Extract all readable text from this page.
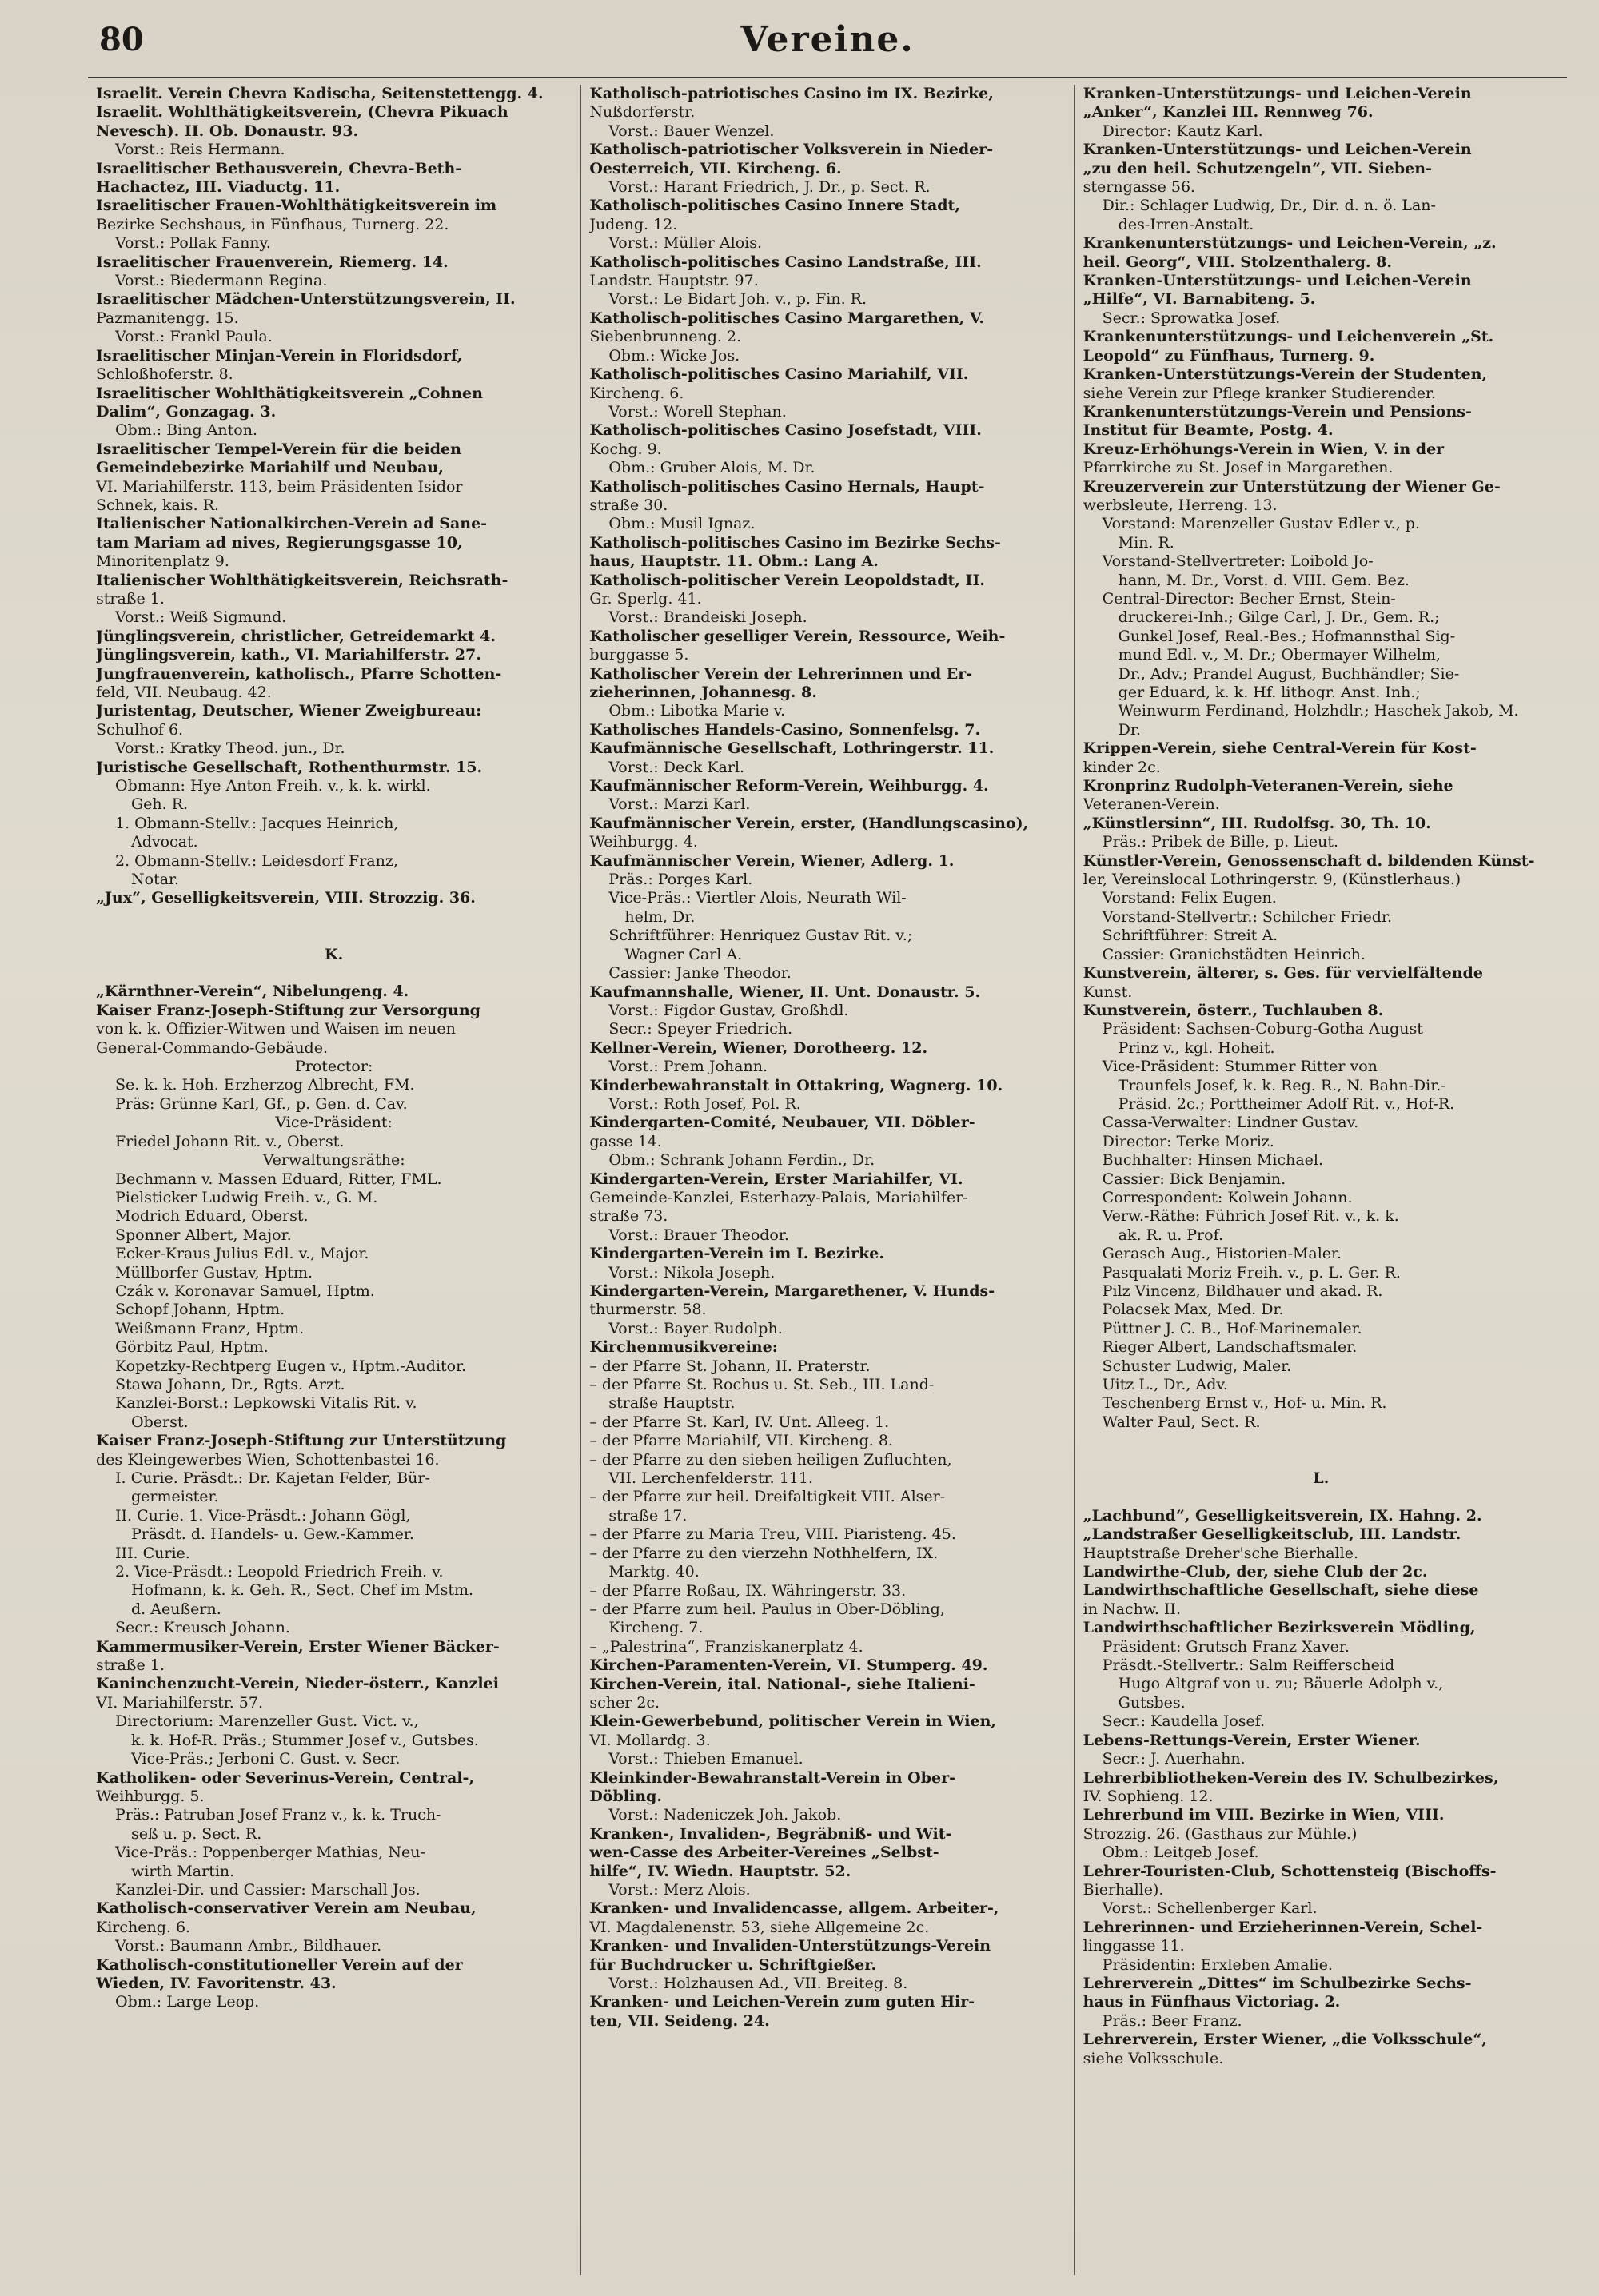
80	Vereine.
Israelit. Verein Chevra Kadischa, Seitenstettengg. 4.
Israelit. Wohlthätigkeitsverein, (Chevra Pikuach
Nevesch). II. Ob. Donaustr. 93.
Vorst.: Reis Hermann.
Israelitischer Bethausverein, Chevra-Beth-
Hachactez, III. Viaductg. 11.
Israelitischer Frauen-Wohlthätigkeitsverein im
Bezirke Sechshaus, in Fünfhaus, Turnerg. 22.
Vorst.: Pollak Fanny.
Israelitischer Frauenverein, Riemerg. 14.
Vorst.: Biedermann Regina.
Israelitischer Mädchen-Unterstützungsverein, II.
Pazmanitengg. 15.
Vorst.: Frankl Paula.
Israelitischer Minjan-Verein in Floridsdorf,
Schloßhoferstr. 8.
Israelitischer Wohlthätigkeitsverein „Cohnen
Dalim“, Gonzagag. 3.
Obm.: Bing Anton.
Israelitischer Tempel-Verein für die beiden
Gemeindebezirke Mariahilf und Neubau,
VI. Mariahilferstr. 113, beim Präsidenten Isidor
Schnek, kais. R.
Italienischer Nationalkirchen-Verein ad Sane-
tam Mariam ad nives, Regierungsgasse 10,
Minoritenplatz 9.
Italienischer Wohlthätigkeitsverein, Reichsrath-
straße 1.
Vorst.: Weiß Sigmund.
Jünglingsverein, christlicher, Getreidemarkt 4.
Jünglingsverein, kath., VI. Mariahilferstr. 27.
Jungfrauenverein, katholisch., Pfarre Schotten-
feld, VII. Neubaug. 42.
Juristentag, Deutscher, Wiener Zweigbureau:
Schulhof 6.
Vorst.: Kratky Theod. jun., Dr.
Juristische Gesellschaft, Rothenthurmstr. 15.
Obmann: Hye Anton Freih. v., k. k. wirkl.
Geh. R.
1. Obmann-Stellv.: Jacques Heinrich,
Advocat.
2. Obmann-Stellv.: Leidesdorf Franz,
Notar.
„Jux“, Geselligkeitsverein, VIII. Strozzig. 36.
K.
„Kärnthner-Verein“, Nibelungeng. 4.
Kaiser Franz-Joseph-Stiftung zur Versorgung
von k. k. Offizier-Witwen und Waisen im neuen
General-Commando-Gebäude.
Protector:
Se. k. k. Hoh. Erzherzog Albrecht, FM.
Präs: Grünne Karl, Gf., p. Gen. d. Cav.
Vice-Präsident:
Friedel Johann Rit. v., Oberst.
Verwaltungsräthe:
Bechmann v. Massen Eduard, Ritter, FML.
Pielsticker Ludwig Freih. v., G. M.
Modrich Eduard, Oberst.
Sponner Albert, Major.
Ecker-Kraus Julius Edl. v., Major.
Müllborfer Gustav, Hptm.
Czák v. Koronavar Samuel, Hptm.
Schopf Johann, Hptm.
Weißmann Franz, Hptm.
Görbitz Paul, Hptm.
Kopetzky-Rechtperg Eugen v., Hptm.-Auditor.
Stawa Johann, Dr., Rgts. Arzt.
Kanzlei-Borst.: Lepkowski Vitalis Rit. v.
Oberst.
Kaiser Franz-Joseph-Stiftung zur Unterstützung
des Kleingewerbes Wien, Schottenbastei 16.
I. Curie. Präsdt.: Dr. Kajetan Felder, Bür-
germeister.
II. Curie. 1. Vice-Präsdt.: Johann Gögl,
Präsdt. d. Handels- u. Gew.-Kammer.
III. Curie.
2. Vice-Präsdt.: Leopold Friedrich Freih. v.
Hofmann, k. k. Geh. R., Sect. Chef im Mstm.
d. Aeußern.
Secr.: Kreusch Johann.
Kammermusiker-Verein, Erster Wiener Bäcker-
straße 1.
Kaninchenzucht-Verein, Nieder-österr., Kanzlei
VI. Mariahilferstr. 57.
Directorium: Marenzeller Gust. Vict. v.,
k. k. Hof-R. Präs.; Stummer Josef v., Gutsbes.
Vice-Präs.; Jerboni C. Gust. v. Secr.
Katholiken- oder Severinus-Verein, Central-,
Weihburgg. 5.
Präs.: Patruban Josef Franz v., k. k. Truch-
seß u. p. Sect. R.
Vice-Präs.: Poppenberger Mathias, Neu-
wirth Martin.
Kanzlei-Dir. und Cassier: Marschall Jos.
Katholisch-conservativer Verein am Neubau,
Kircheng. 6.
Vorst.: Baumann Ambr., Bildhauer.
Katholisch-constitutioneller Verein auf der
Wieden, IV. Favoritenstr. 43.
Obm.: Large Leop.
Katholisch-patriotisches Casino im IX. Bezirke,
Nußdorferstr.
Vorst.: Bauer Wenzel.
Katholisch-patriotischer Volksverein in Nieder-
Oesterreich, VII. Kircheng. 6.
Vorst.: Harant Friedrich, J. Dr., p. Sect. R.
Katholisch-politisches Casino Innere Stadt,
Judeng. 12.
Vorst.: Müller Alois.
Katholisch-politisches Casino Landstraße, III.
Landstr. Hauptstr. 97.
Vorst.: Le Bidart Joh. v., p. Fin. R.
Katholisch-politisches Casino Margarethen, V.
Siebenbrunneng. 2.
Obm.: Wicke Jos.
Katholisch-politisches Casino Mariahilf, VII.
Kircheng. 6.
Vorst.: Worell Stephan.
Katholisch-politisches Casino Josefstadt, VIII.
Kochg. 9.
Obm.: Gruber Alois, M. Dr.
Katholisch-politisches Casino Hernals, Haupt-
straße 30.
Obm.: Musil Ignaz.
Katholisch-politisches Casino im Bezirke Sechs-
haus, Hauptstr. 11. Obm.: Lang A.
Katholisch-politischer Verein Leopoldstadt, II.
Gr. Sperlg. 41.
Vorst.: Brandeiski Joseph.
Katholischer geselliger Verein, Ressource, Weih-
burggasse 5.
Katholischer Verein der Lehrerinnen und Er-
zieherinnen, Johannesg. 8.
Obm.: Libotka Marie v.
Katholisches Handels-Casino, Sonnenfelsg. 7.
Kaufmännische Gesellschaft, Lothringerstr. 11.
Vorst.: Deck Karl.
Kaufmännischer Reform-Verein, Weihburgg. 4.
Vorst.: Marzi Karl.
Kaufmännischer Verein, erster, (Handlungscasino),
Weihburgg. 4.
Kaufmännischer Verein, Wiener, Adlerg. 1.
Präs.: Porges Karl.
Vice-Präs.: Viertler Alois, Neurath Wil-
helm, Dr.
Schriftführer: Henriquez Gustav Rit. v.;
Wagner Carl A.
Cassier: Janke Theodor.
Kaufmannshalle, Wiener, II. Unt. Donaustr. 5.
Vorst.: Figdor Gustav, Großhdl.
Secr.: Speyer Friedrich.
Kellner-Verein, Wiener, Dorotheerg. 12.
Vorst.: Prem Johann.
Kinderbewahranstalt in Ottakring, Wagnerg. 10.
Vorst.: Roth Josef, Pol. R.
Kindergarten-Comité, Neubauer, VII. Döbler-
gasse 14.
Obm.: Schrank Johann Ferdin., Dr.
Kindergarten-Verein, Erster Mariahilfer, VI.
Gemeinde-Kanzlei, Esterhazy-Palais, Mariahilfer-
straße 73.
Vorst.: Brauer Theodor.
Kindergarten-Verein im I. Bezirke.
Vorst.: Nikola Joseph.
Kindergarten-Verein, Margarethener, V. Hunds-
thurmerstr. 58.
Vorst.: Bayer Rudolph.
Kirchenmusikvereine:
– der Pfarre St. Johann, II. Praterstr.
– der Pfarre St. Rochus u. St. Seb., III. Land-
straße Hauptstr.
– der Pfarre St. Karl, IV. Unt. Alleeg. 1.
– der Pfarre Mariahilf, VII. Kircheng. 8.
– der Pfarre zu den sieben heiligen Zufluchten,
VII. Lerchenfelderstr. 111.
– der Pfarre zur heil. Dreifaltigkeit VIII. Alser-
straße 17.
– der Pfarre zu Maria Treu, VIII. Piaristeng. 45.
– der Pfarre zu den vierzehn Nothhelfern, IX.
Marktg. 40.
– der Pfarre Roßau, IX. Währingerstr. 33.
– der Pfarre zum heil. Paulus in Ober-Döbling,
Kircheng. 7.
– „Palestrina“, Franziskanerplatz 4.
Kirchen-Paramenten-Verein, VI. Stumperg. 49.
Kirchen-Verein, ital. National-, siehe Italieni-
scher 2c.
Klein-Gewerbebund, politischer Verein in Wien,
VI. Mollardg. 3.
Vorst.: Thieben Emanuel.
Kleinkinder-Bewahranstalt-Verein in Ober-
Döbling.
Vorst.: Nadeniczek Joh. Jakob.
Kranken-, Invaliden-, Begräbniß- und Wit-
wen-Casse des Arbeiter-Vereines „Selbst-
hilfe“, IV. Wiedn. Hauptstr. 52.
Vorst.: Merz Alois.
Kranken- und Invalidencasse, allgem. Arbeiter-,
VI. Magdalenenstr. 53, siehe Allgemeine 2c.
Kranken- und Invaliden-Unterstützungs-Verein
für Buchdrucker u. Schriftgießer.
Vorst.: Holzhausen Ad., VII. Breiteg. 8.
Kranken- und Leichen-Verein zum guten Hir-
ten, VII. Seideng. 24.
Kranken-Unterstützungs- und Leichen-Verein
„Anker“, Kanzlei III. Rennweg 76.
Director: Kautz Karl.
Kranken-Unterstützungs- und Leichen-Verein
„zu den heil. Schutzengeln“, VII. Sieben-
sterngasse 56.
Dir.: Schlager Ludwig, Dr., Dir. d. n. ö. Lan-
des-Irren-Anstalt.
Krankenunterstützungs- und Leichen-Verein, „z.
heil. Georg“, VIII. Stolzenthalerg. 8.
Kranken-Unterstützungs- und Leichen-Verein
„Hilfe“, VI. Barnabiteng. 5.
Secr.: Sprowatka Josef.
Krankenunterstützungs- und Leichenverein „St.
Leopold“ zu Fünfhaus, Turnerg. 9.
Kranken-Unterstützungs-Verein der Studenten,
siehe Verein zur Pflege kranker Studierender.
Krankenunterstützungs-Verein und Pensions-
Institut für Beamte, Postg. 4.
Kreuz-Erhöhungs-Verein in Wien, V. in der
Pfarrkirche zu St. Josef in Margarethen.
Kreuzerverein zur Unterstützung der Wiener Ge-
werbsleute, Herreng. 13.
Vorstand: Marenzeller Gustav Edler v., p.
Min. R.
Vorstand-Stellvertreter: Loibold Jo-
hann, M. Dr., Vorst. d. VIII. Gem. Bez.
Central-Director: Becher Ernst, Stein-
druckerei-Inh.; Gilge Carl, J. Dr., Gem. R.;
Gunkel Josef, Real.-Bes.; Hofmannsthal Sig-
mund Edl. v., M. Dr.; Obermayer Wilhelm,
Dr., Adv.; Prandel August, Buchhändler; Sie-
ger Eduard, k. k. Hf. lithogr. Anst. Inh.;
Weinwurm Ferdinand, Holzhdlr.; Haschek Jakob, M.
Dr.
Krippen-Verein, siehe Central-Verein für Kost-
kinder 2c.
Kronprinz Rudolph-Veteranen-Verein, siehe
Veteranen-Verein.
„Künstlersinn“, III. Rudolfsg. 30, Th. 10.
Präs.: Pribek de Bille, p. Lieut.
Künstler-Verein, Genossenschaft d. bildenden Künst-
ler, Vereinslocal Lothringerstr. 9, (Künstlerhaus.)
Vorstand: Felix Eugen.
Vorstand-Stellvertr.: Schilcher Friedr.
Schriftführer: Streit A.
Cassier: Granichstädten Heinrich.
Kunstverein, älterer, s. Ges. für vervielfältende
Kunst.
Kunstverein, österr., Tuchlauben 8.
Präsident: Sachsen-Coburg-Gotha August
Prinz v., kgl. Hoheit.
Vice-Präsident: Stummer Ritter von
Traunfels Josef, k. k. Reg. R., N. Bahn-Dir.-
Präsid. 2c.; Porttheimer Adolf Rit. v., Hof-R.
Cassa-Verwalter: Lindner Gustav.
Director: Terke Moriz.
Buchhalter: Hinsen Michael.
Cassier: Bick Benjamin.
Correspondent: Kolwein Johann.
Verw.-Räthe: Führich Josef Rit. v., k. k.
ak. R. u. Prof.
Gerasch Aug., Historien-Maler.
Pasqualati Moriz Freih. v., p. L. Ger. R.
Pilz Vincenz, Bildhauer und akad. R.
Polacsek Max, Med. Dr.
Püttner J. C. B., Hof-Marinemaler.
Rieger Albert, Landschaftsmaler.
Schuster Ludwig, Maler.
Uitz L., Dr., Adv.
Teschenberg Ernst v., Hof- u. Min. R.
Walter Paul, Sect. R.
L.
„Lachbund“, Geselligkeitsverein, IX. Hahng. 2.
„Landstraßer Geselligkeitsclub, III. Landstr.
Hauptstraße Dreher'sche Bierhalle.
Landwirthe-Club, der, siehe Club der 2c.
Landwirthschaftliche Gesellschaft, siehe diese
in Nachw. II.
Landwirthschaftlicher Bezirksverein Mödling,
Präsident: Grutsch Franz Xaver.
Präsdt.-Stellvertr.: Salm Reifferscheid
Hugo Altgraf von u. zu; Bäuerle Adolph v.,
Gutsbes.
Secr.: Kaudella Josef.
Lebens-Rettungs-Verein, Erster Wiener.
Secr.: J. Auerhahn.
Lehrerbibliotheken-Verein des IV. Schulbezirkes,
IV. Sophieng. 12.
Lehrerbund im VIII. Bezirke in Wien, VIII.
Strozzig. 26. (Gasthaus zur Mühle.)
Obm.: Leitgeb Josef.
Lehrer-Touristen-Club, Schottensteig (Bischoffs-
Bierhalle).
Vorst.: Schellenberger Karl.
Lehrerinnen- und Erzieherinnen-Verein, Schel-
linggasse 11.
Präsidentin: Erxleben Amalie.
Lehrerverein „Dittes“ im Schulbezirke Sechs-
haus in Fünfhaus Victoriag. 2.
Präs.: Beer Franz.
Lehrerverein, Erster Wiener, „die Volksschule“,
siehe Volksschule.
